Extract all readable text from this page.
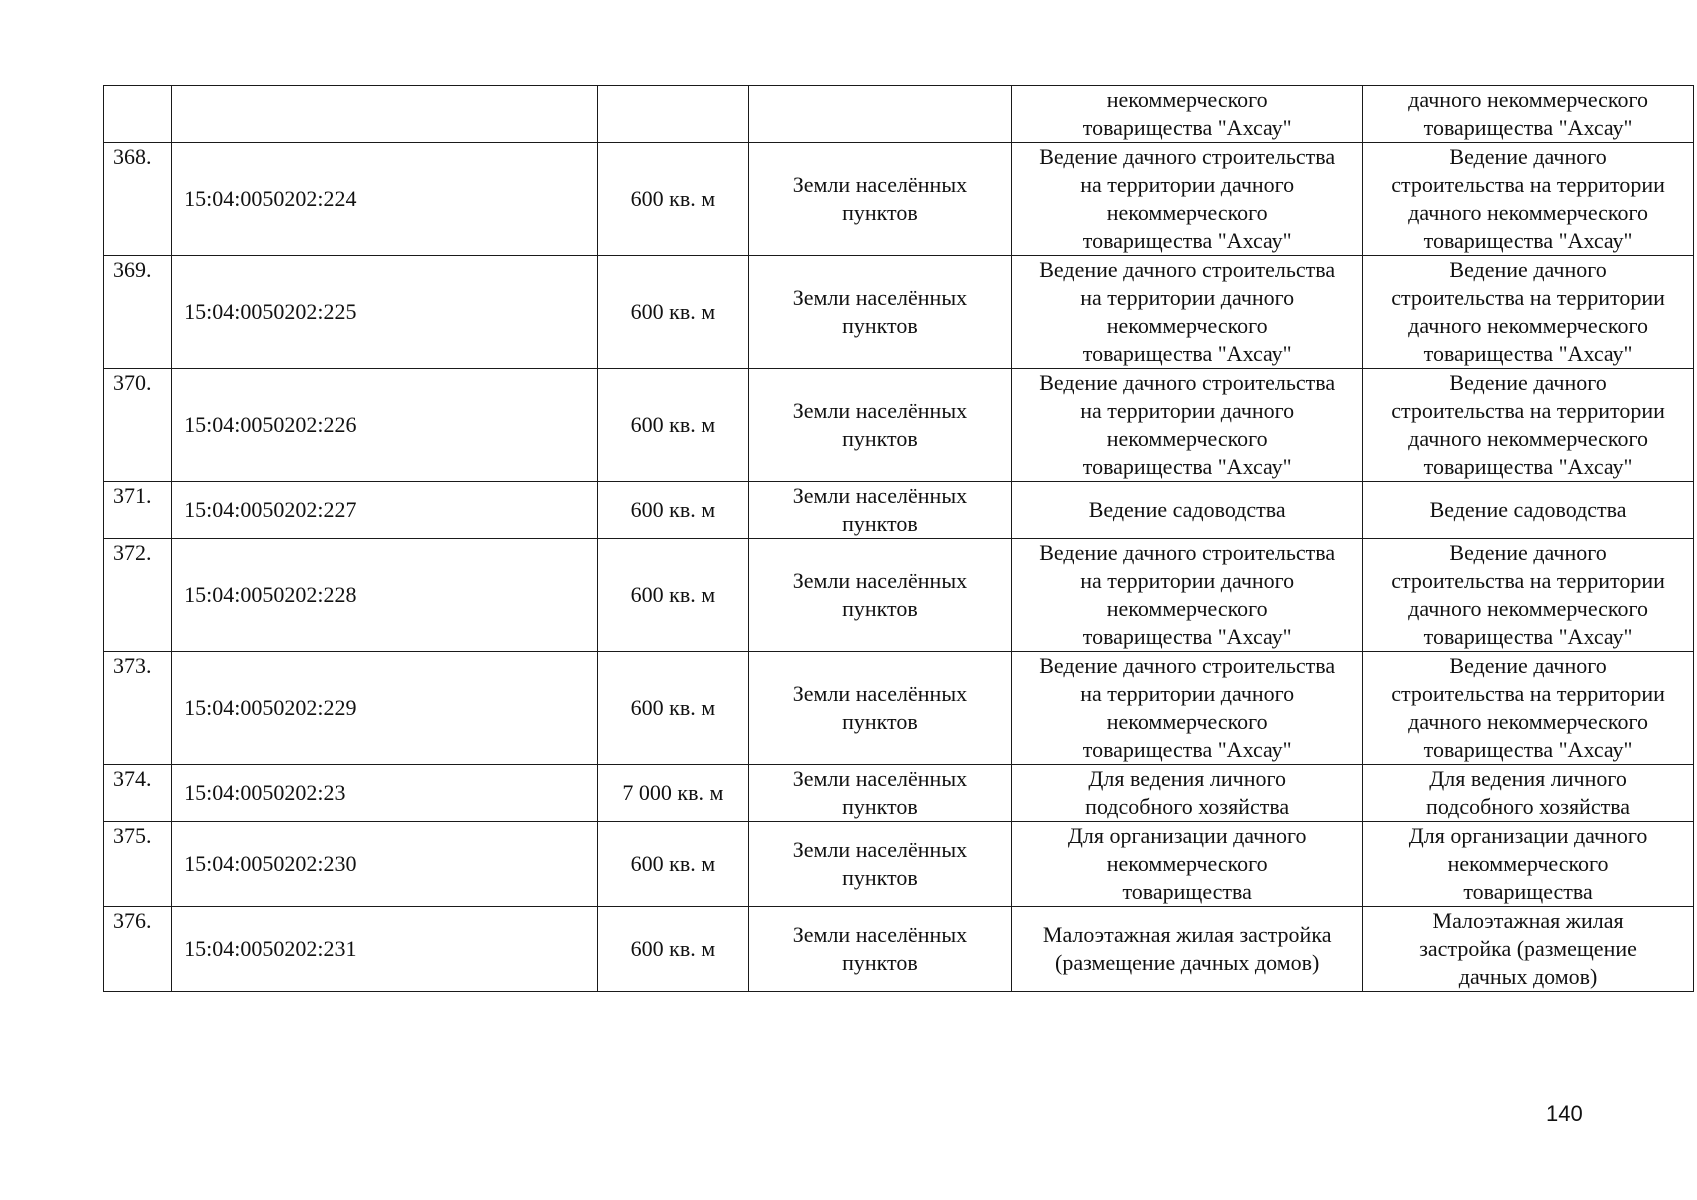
				некоммерческого
товарищества "Ахсау"	дачного некоммерческого
товарищества "Ахсау"
368.	15:04:0050202:224	600 кв. м	Земли населённых
пунктов	Ведение дачного строительства
на территории дачного
некоммерческого
товарищества "Ахсау"	Ведение дачного
строительства на территории
дачного некоммерческого
товарищества "Ахсау"
369.	15:04:0050202:225	600 кв. м	Земли населённых
пунктов	Ведение дачного строительства
на территории дачного
некоммерческого
товарищества "Ахсау"	Ведение дачного
строительства на территории
дачного некоммерческого
товарищества "Ахсау"
370.	15:04:0050202:226	600 кв. м	Земли населённых
пунктов	Ведение дачного строительства
на территории дачного
некоммерческого
товарищества "Ахсау"	Ведение дачного
строительства на территории
дачного некоммерческого
товарищества "Ахсау"
371.	15:04:0050202:227	600 кв. м	Земли населённых
пунктов	Ведение садоводства	Ведение садоводства
372.	15:04:0050202:228	600 кв. м	Земли населённых
пунктов	Ведение дачного строительства
на территории дачного
некоммерческого
товарищества "Ахсау"	Ведение дачного
строительства на территории
дачного некоммерческого
товарищества "Ахсау"
373.	15:04:0050202:229	600 кв. м	Земли населённых
пунктов	Ведение дачного строительства
на территории дачного
некоммерческого
товарищества "Ахсау"	Ведение дачного
строительства на территории
дачного некоммерческого
товарищества "Ахсау"
374.	15:04:0050202:23	7 000 кв. м	Земли населённых
пунктов	Для ведения личного
подсобного хозяйства	Для ведения личного
подсобного хозяйства
375.	15:04:0050202:230	600 кв. м	Земли населённых
пунктов	Для организации дачного
некоммерческого
товарищества	Для организации дачного
некоммерческого
товарищества
376.	15:04:0050202:231	600 кв. м	Земли населённых
пунктов	Малоэтажная жилая застройка
(размещение дачных домов)	Малоэтажная жилая
застройка (размещение
дачных домов)
140
